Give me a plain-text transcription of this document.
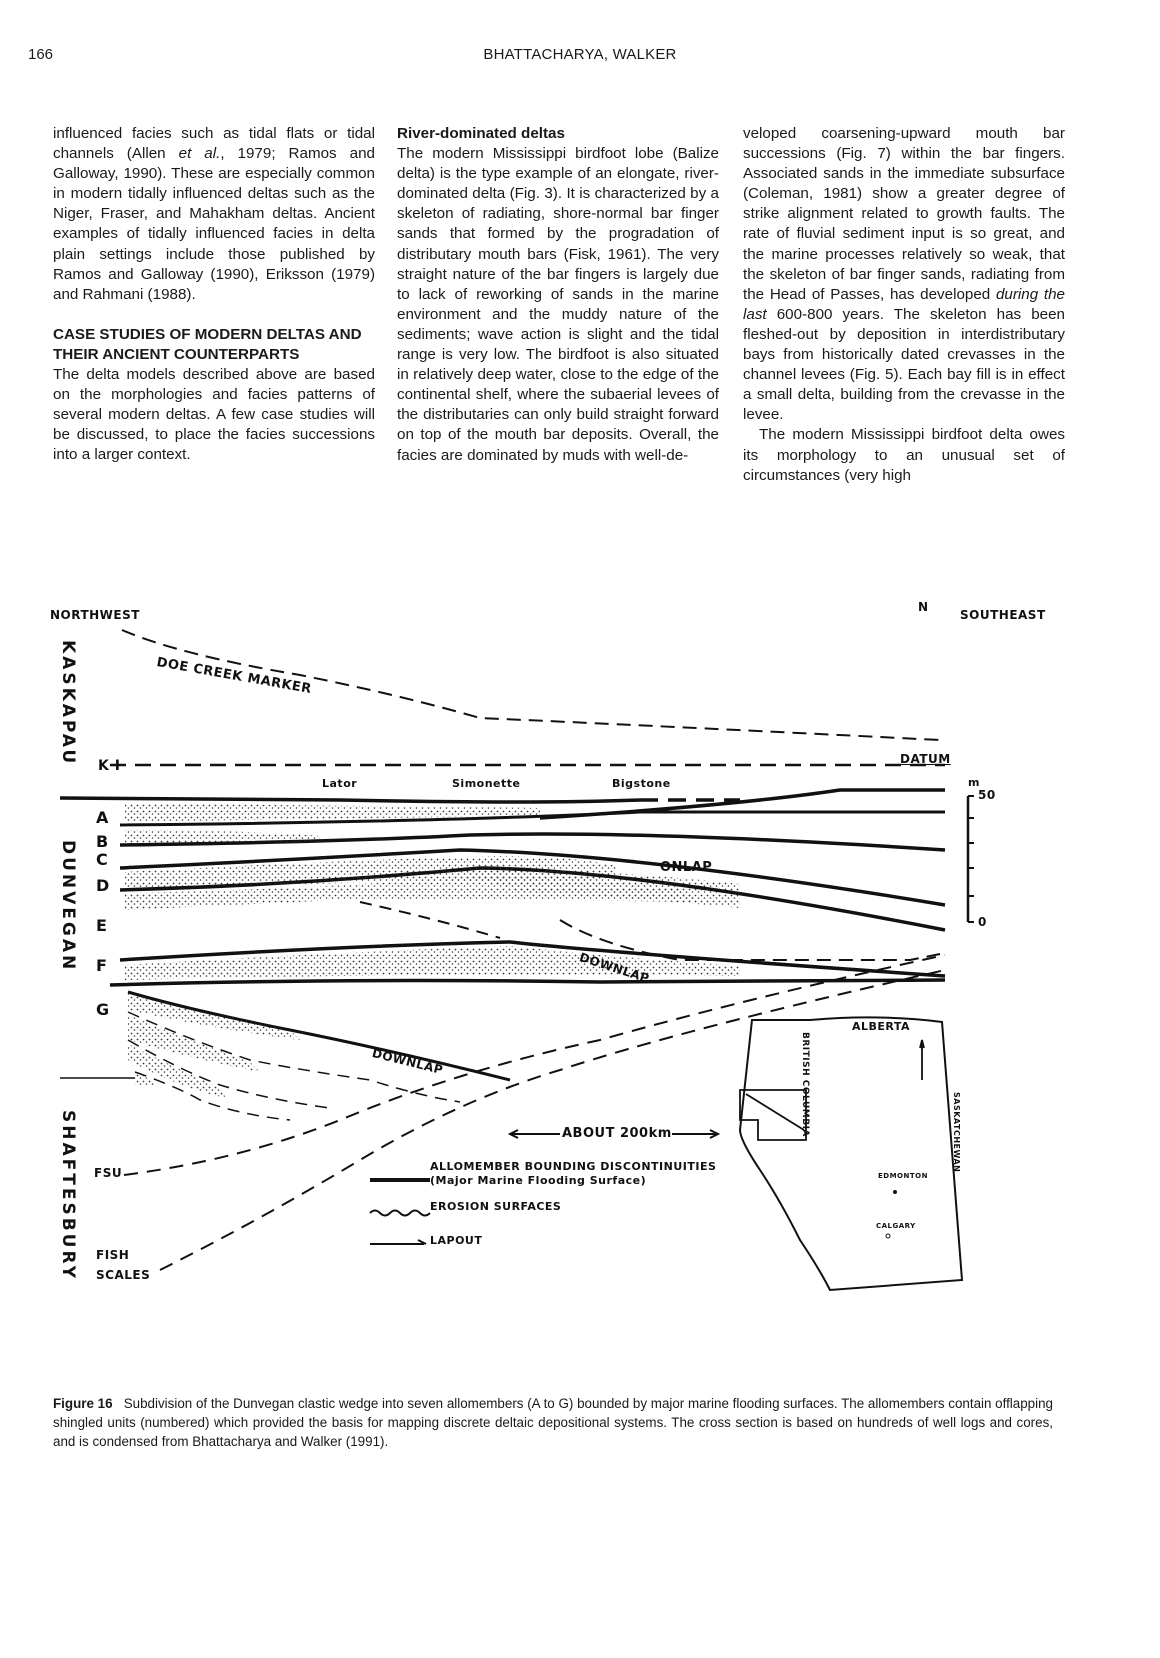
166	BHATTACHARYA, WALKER

influenced facies such as tidal flats or tidal channels (Allen et al., 1979; Ramos and Galloway, 1990). These are especially common in modern tidally influenced deltas such as the Niger, Fraser, and Mahakham deltas. Ancient examples of tidally influenced facies in delta plain settings include those published by Ramos and Galloway (1990), Eriksson (1979) and Rahmani (1988).

CASE STUDIES OF MODERN DELTAS AND THEIR ANCIENT COUNTERPARTS

The delta models described above are based on the morphologies and facies patterns of several modern deltas. A few case studies will be discussed, to place the facies successions into a larger context.

River-dominated deltas

The modern Mississippi birdfoot lobe (Balize delta) is the type example of an elongate, river-dominated delta (Fig. 3). It is characterized by a skeleton of radiating, shore-normal bar finger sands that formed by the progradation of distributary mouth bars (Fisk, 1961). The very straight nature of the bar fingers is largely due to lack of reworking of sands in the marine environment and the muddy nature of the sediments; wave action is slight and the tidal range is very low. The birdfoot is also situated in relatively deep water, close to the edge of the continental shelf, where the subaerial levees of the distributaries can only build straight forward on top of the mouth bar deposits. Overall, the facies are dominated by muds with well-de-

veloped coarsening-upward mouth bar successions (Fig. 7) within the bar fingers. Associated sands in the immediate subsurface (Coleman, 1981) show a greater degree of strike alignment related to growth faults. The rate of fluvial sediment input is so great, and the marine processes relatively so weak, that the skeleton of bar finger sands, radiating from the Head of Passes, has developed during the last 600-800 years. The skeleton has been fleshed-out by deposition in interdistributary bays from historically dated crevasses in the channel levees (Fig. 5). Each bay fill is in effect a small delta, building from the crevasse in the levee.

The modern Mississippi birdfoot delta owes its morphology to an unusual set of circumstances (very high

NORTHWEST	SOUTHEAST
DOE CREEK MARKER
KASKAPAU
DUNVEGAN
SHAFTESBURY
K I	DATUM
Lator	Simonette	Bigstone
ONLAP
DOWNLAP
DOWNLAP
FSU
FISH
SCALES
m
50
0
ABOUT 200km
A
B
C
D
E
F
G
ALLOMEMBER BOUNDING DISCONTINUITIES
(Major Marine Flooding Surface)
EROSION SURFACES
LAPOUT
ALBERTA
BRITISH COLUMBIA	SASKATCHEWAN
EDMONTON
CALGARY
N
Figure 16 Subdivision of the Dunvegan clastic wedge into seven allomembers (A to G) bounded by major marine flooding surfaces. The allomembers contain offlapping shingled units (numbered) which provided the basis for mapping discrete deltaic depositional systems. The cross section is based on hundreds of well logs and cores, and is condensed from Bhattacharya and Walker (1991).
